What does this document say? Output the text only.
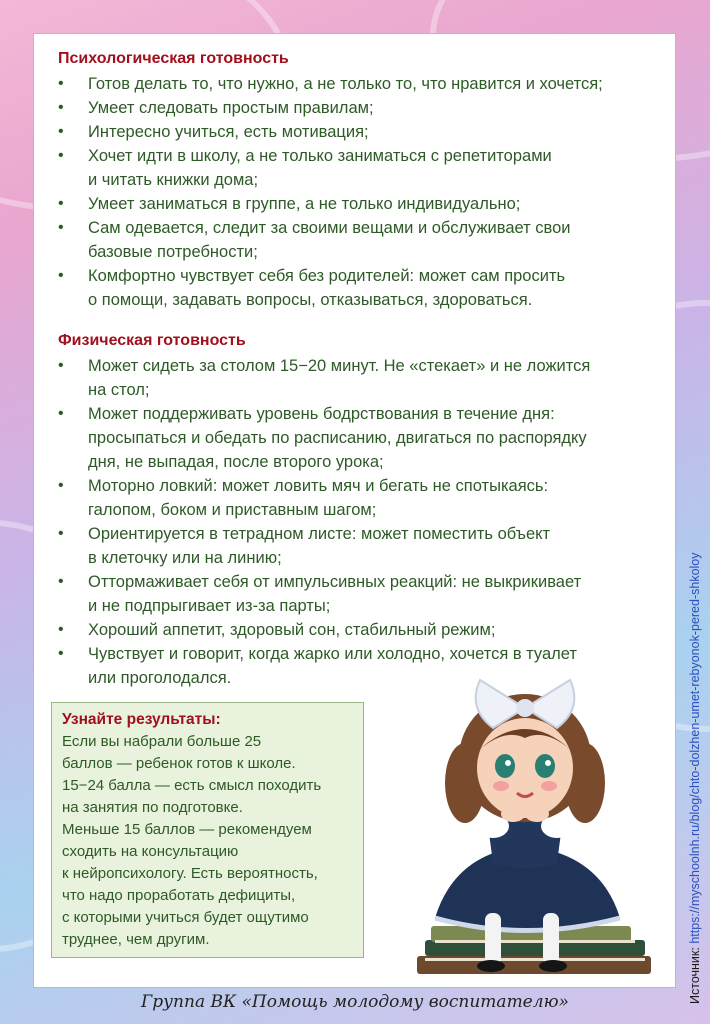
Психологическая готовность
• Готов делать то, что нужно, а не только то, что нравится и хочется;
• Умеет следовать простым правилам;
• Интересно учиться, есть мотивация;
• Хочет идти в школу, а не только заниматься с репетиторами
и читать книжки дома;
• Умеет заниматься в группе, а не только индивидуально;
• Сам одевается, следит за своими вещами и обслуживает свои
базовые потребности;
• Комфортно чувствует себя без родителей: может сам просить
о помощи, задавать вопросы, отказываться, здороваться.
Физическая готовность
• Может сидеть за столом 15−20 минут. Не «стекает» и не ложится
на стол;
• Может поддерживать уровень бодрствования в течение дня:
просыпаться и обедать по расписанию, двигаться по распорядку
дня, не выпадая, после второго урока;
• Моторно ловкий: может ловить мяч и бегать не спотыкаясь:
галопом, боком и приставным шагом;
• Ориентируется в тетрадном листе: может поместить объект
в клеточку или на линию;
• Оттормаживает себя от импульсивных реакций: не выкрикивает
и не подпрыгивает из-за парты;
• Хороший аппетит, здоровый сон, стабильный режим;
• Чувствует и говорит, когда жарко или холодно, хочется в туалет
или проголодался.
Узнайте результаты:
Если вы набрали больше 25
баллов — ребенок готов к школе.
15−24 балла — есть смысл походить
на занятия по подготовке.
Меньше 15 баллов — рекомендуем
сходить на консультацию
к нейропсихологу. Есть вероятность,
что надо проработать дефициты,
с которыми учиться будет ощутимо
труднее, чем другим.
Группа ВК «Помощь молодому воспитателю»	Источник: https://myschoolnh.ru/blog/chto-dolzhen-umet-rebyonok-pered-shkoloy
